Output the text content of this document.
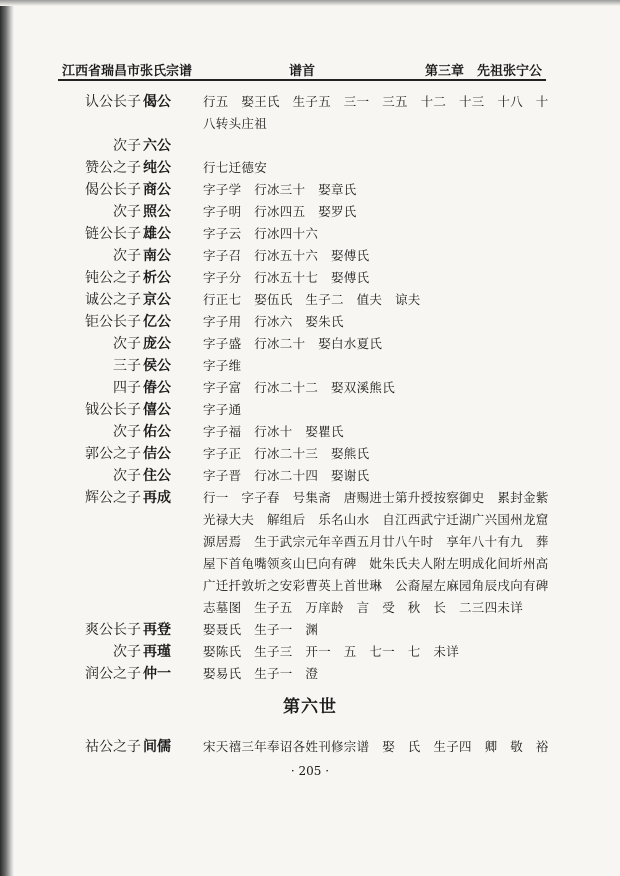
江西省瑞昌市张氏宗谱	谱首	第三章　先祖张宁公
认公长子 偈公	行五　娶王氏　生子五　三一　三五　十二　十三　十八　十八转头庄祖
次子 六公
赞公之子 纯公	行七迁德安
偈公长子 商公	字子学　行冰三十　娶章氏
次子 照公	字子明　行冰四五　娶罗氏
链公长子 雄公	字子云　行冰四十六
次子 南公	字子召　行冰五十六　娶傅氏
钝公之子 析公	字子分　行冰五十七　娶傅氏
诚公之子 京公	行正七　娶伍氏　生子二　值夫　谅夫
钜公长子 亿公	字子用　行冰六　娶朱氏
次子 庞公	字子盛　行冰二十　娶白水夏氏
三子 侯公	字子维
四子 偆公	字子富　行冰二十二　娶双溪熊氏
钺公长子 僖公	字子通
次子 佑公	字子福　行冰十　娶瞿氏
郭公之子 佶公	字子正　行冰二十三　娶熊氏
次子 住公	字子晋　行冰二十四　娶谢氏
辉公之子 再成	行一　字子春　号集斋　唐赐进士第升授按察御史　累封金紫光禄大夫　解组后　乐名山水　自江西武宁迁湖广兴国州龙窟源居焉　生于武宗元年辛酉五月廿八午时　享年八十有九　葬屋下首龟嘴领亥山巳向有碑　妣朱氏夫人附左明成化间圻州高广迁扦敦圻之安彩曹英上首世琳　公裔屋左麻园角辰戌向有碑志墓图　生子五　万庠龄　言　受　秋　长　二三四未详
爽公长子 再登	娶聂氏　生子一　渊
次子 再瑾	娶陈氏　生子三　开一　五　七一　七　未详
润公之子 仲一	娶易氏　生子一　澄
第六世
祜公之子 间儒	宋天禧三年奉诏各姓刊修宗谱　娶　氏　生子四　卿　敬　裕
· 205 ·
